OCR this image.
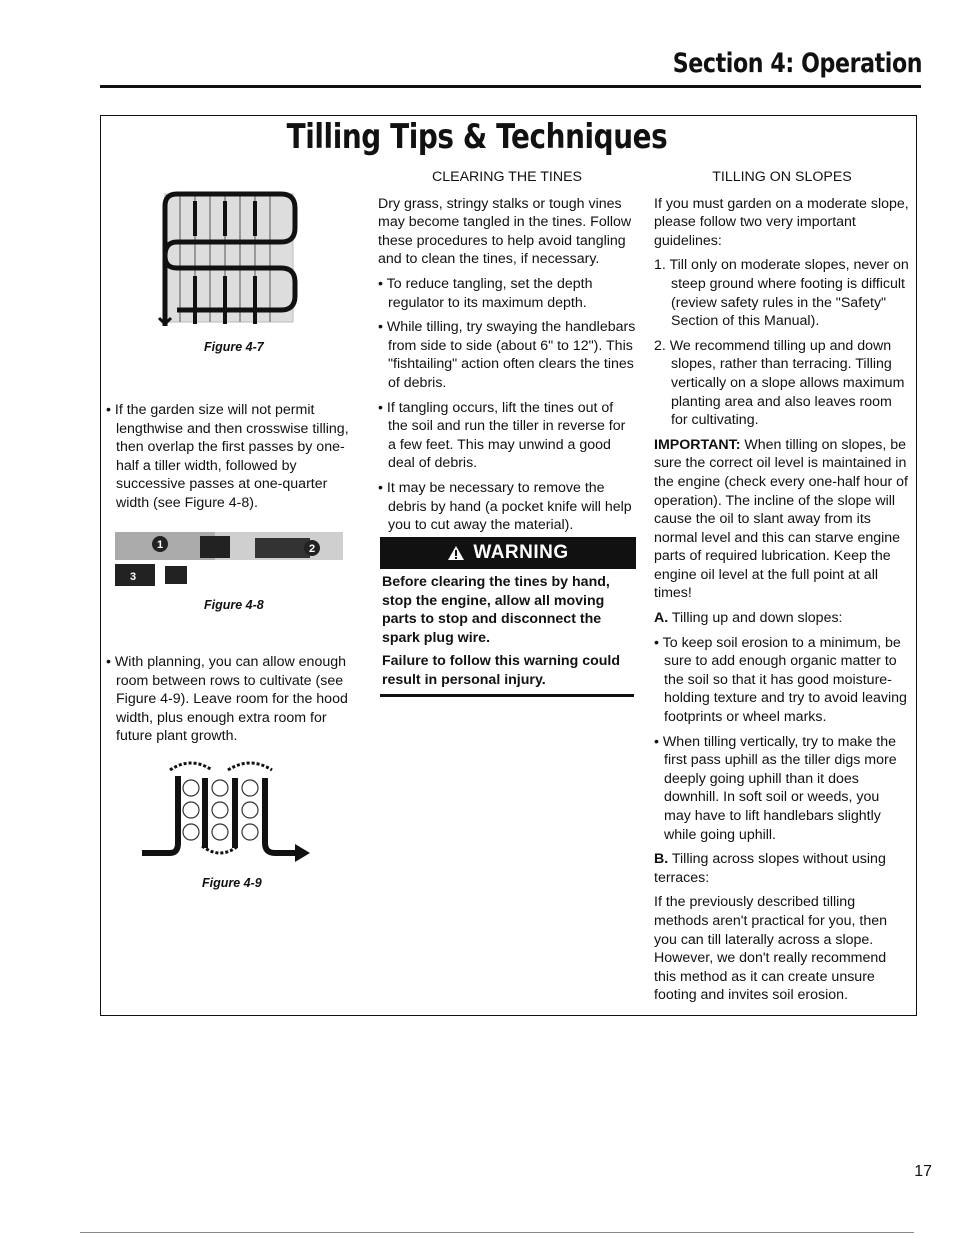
Section 4: Operation
Tilling Tips & Techniques
Figure 4-7

• If the garden size will not permit lengthwise and then crosswise tilling, then overlap the first passes by one-half a tiller width, followed by successive passes at one-quarter width (see Figure 4-8).

1	2
3
Figure 4-8

• With planning, you can allow enough room between rows to cultivate (see Figure 4-9). Leave room for the hood width, plus enough extra room for future plant growth.

Figure 4-9

CLEARING THE TINES

Dry grass, stringy stalks or tough vines may become tangled in the tines. Follow these procedures to help avoid tangling and to clean the tines, if necessary.

• To reduce tangling, set the depth regulator to its maximum depth.

• While tilling, try swaying the handlebars from side to side (about 6" to 12"). This "fishtailing" action often clears the tines of debris.

• If tangling occurs, lift the tines out of the soil and run the tiller in reverse for a few feet. This may unwind a good deal of debris.

• It may be necessary to remove the debris by hand (a pocket knife will help you to cut away the material).

WARNING
Before clearing the tines by hand, stop the engine, allow all moving parts to stop and disconnect the spark plug wire.
Failure to follow this warning could result in personal injury.

TILLING ON SLOPES

If you must garden on a moderate slope, please follow two very important guidelines:

1. Till only on moderate slopes, never on steep ground where footing is difficult (review safety rules in the "Safety" Section of this Manual).

2. We recommend tilling up and down slopes, rather than terracing. Tilling vertically on a slope allows maximum planting area and also leaves room for cultivating.

IMPORTANT: When tilling on slopes, be sure the correct oil level is maintained in the engine (check every one-half hour of operation). The incline of the slope will cause the oil to slant away from its normal level and this can starve engine parts of required lubrication. Keep the engine oil level at the full point at all times!

A. Tilling up and down slopes:

• To keep soil erosion to a minimum, be sure to add enough organic matter to the soil so that it has good moisture-holding texture and try to avoid leaving footprints or wheel marks.

• When tilling vertically, try to make the first pass uphill as the tiller digs more deeply going uphill than it does downhill. In soft soil or weeds, you may have to lift handlebars slightly while going uphill.

B. Tilling across slopes without using terraces:

If the previously described tilling methods aren't practical for you, then you can till laterally across a slope. However, we don't really recommend this method as it can create unsure footing and invites soil erosion.

17
